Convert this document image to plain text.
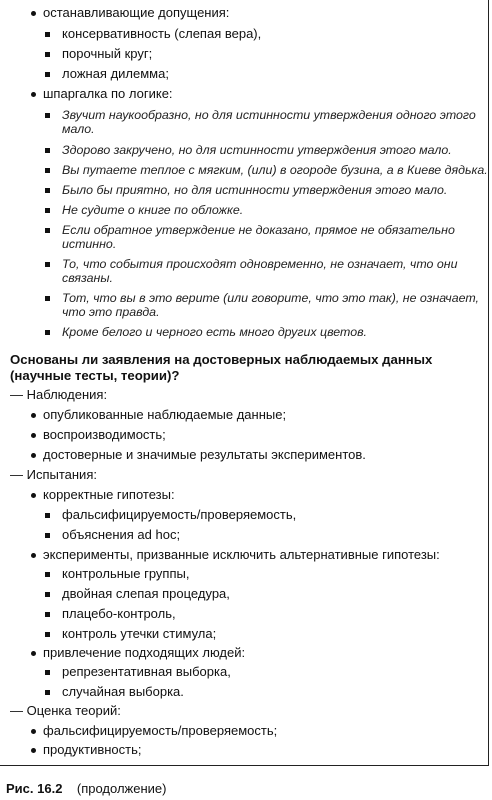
останавливающие допущения:
консервативность (слепая вера),
порочный круг;
ложная дилемма;
шпаргалка по логике:
Звучит наукообразно, но для истинности утверждения одного этого
мало.
Здорово закручено, но для истинности утверждения этого мало.
Вы путаете теплое с мягким, (или) в огороде бузина, а в Киеве дядька.
Было бы приятно, но для истинности утверждения этого мало.
Не судите о книге по обложке.
Если обратное утверждение не доказано, прямое не обязательно
истинно.
То, что события происходят одновременно, не означает, что они
связаны.
Тот, что вы в это верите (или говорите, что это так), не означает,
что это правда.
Кроме белого и черного есть много других цветов.
Основаны ли заявления на достоверных наблюдаемых данных
(научные тесты, теории)?
— Наблюдения:
опубликованные наблюдаемые данные;
воспроизводимость;
достоверные и значимые результаты экспериментов.
— Испытания:
корректные гипотезы:
фальсифицируемость/проверяемость,
объяснения ad hoc;
эксперименты, призванные исключить альтернативные гипотезы:
контрольные группы,
двойная слепая процедура,
плацебо-контроль,
контроль утечки стимула;
привлечение подходящих людей:
репрезентативная выборка,
случайная выборка.
— Оценка теорий:
фальсифицируемость/проверяемость;
продуктивность;
Рис. 16.2 (продолжение)
